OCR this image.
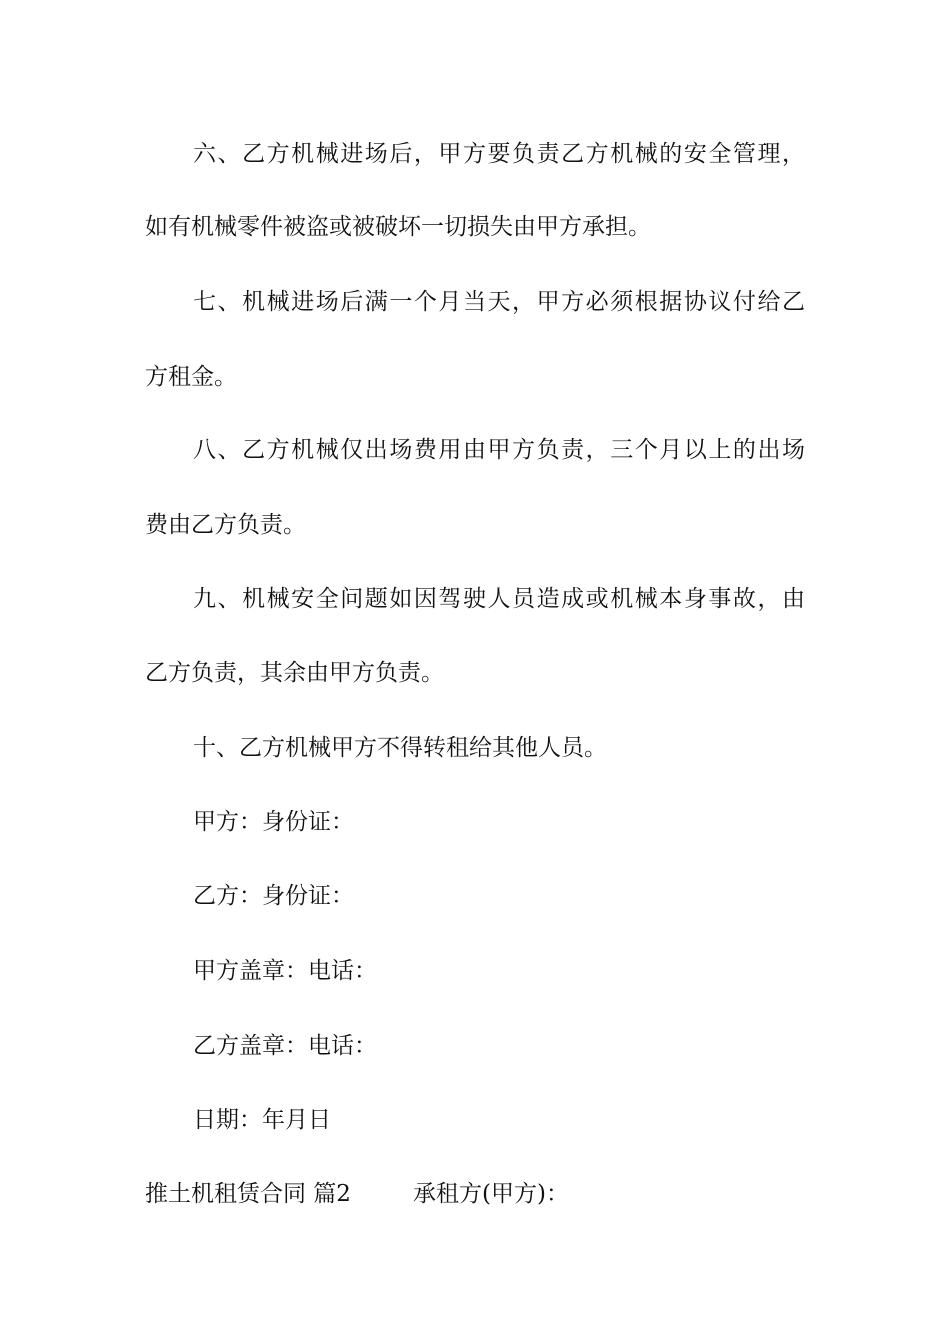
六、乙方机械进场后，甲方要负责乙方机械的安全管理，
如有机械零件被盗或被破坏一切损失由甲方承担。
七、机械进场后满一个月当天，甲方必须根据协议付给乙
方租金。
八、乙方机械仅出场费用由甲方负责，三个月以上的出场
费由乙方负责。
九、机械安全问题如因驾驶人员造成或机械本身事故，由
乙方负责，其余由甲方负责。
十、乙方机械甲方不得转租给其他人员。
甲方：身份证：
乙方：身份证：
甲方盖章：电话：
乙方盖章：电话：
日期：年月日
推土机租赁合同 篇2	承租方(甲方)：
